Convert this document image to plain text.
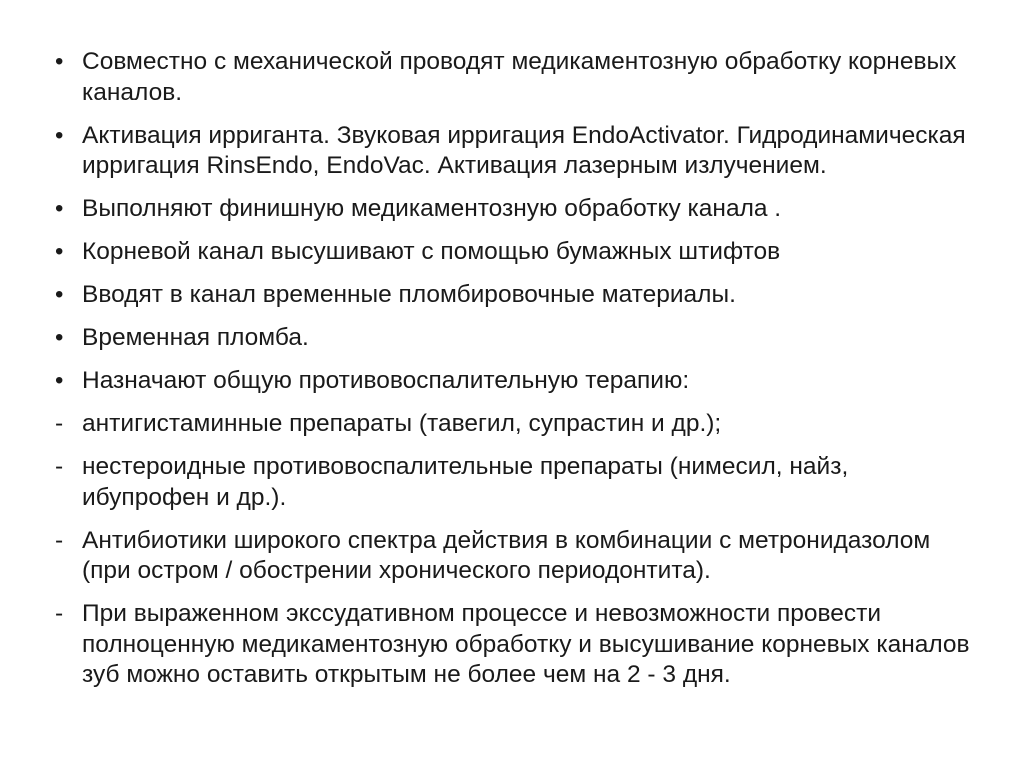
• Совместно с механической проводят медикаментозную обработку корневых каналов.
• Активация ирриганта. Звуковая ирригация EndoActivator. Гидродинамическая ирригация RinsEndo, EndoVac. Активация лазерным излучением.
• Выполняют финишную медикаментозную обработку канала .
• Корневой канал высушивают с помощью бумажных штифтов
• Вводят в канал временные пломбировочные материалы.
• Временная пломба.
• Назначают общую противовоспалительную терапию:
- антигистаминные препараты (тавегил, супрастин и др.);
- нестероидные противовоспалительные препараты (нимесил, найз, ибупрофен и др.).
- Антибиотики широкого спектра действия в комбинации с метронидазолом (при остром / обострении хронического периодонтита).
- При выраженном экссудативном процессе и невозможности провести полноценную медикаментозную обработку и высушивание корневых каналов зуб можно оставить открытым не более чем на 2 - 3 дня.
